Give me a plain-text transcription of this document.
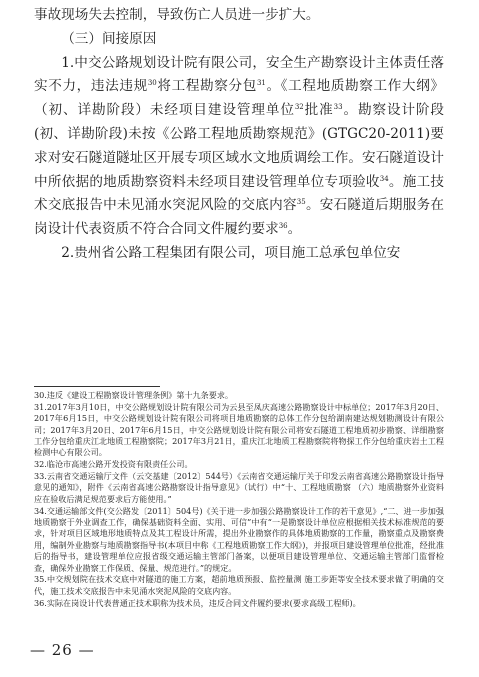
事故现场失去控制，导致伤亡人员进一步扩大。

（三）间接原因

1.中交公路规划设计院有限公司，安全生产勘察设计主体责任落实不力，违法违规$^{30}$将工程勘察分包$^{31}$。《工程地质勘察工作大纲》（初、详勘阶段）未经项目建设管理单位$^{32}$批准$^{33}$。勘察设计阶段(初、详勘阶段)未按《公路工程地质勘察规范》(GTGC20-2011)要求对安石隧道隧址区开展专项区域水文地质调绘工作。安石隧道设计中所依据的地质勘察资料未经项目建设管理单位专项验收$^{34}$。施工技术交底报告中未见涌水突泥风险的交底内容$^{35}$。安石隧道后期服务在岗设计代表资质不符合合同文件履约要求$^{36}$。

2.贵州省公路工程集团有限公司，项目施工总承包单位安

30.违反《建设工程勘察设计管理条例》第十九条要求。

31.2017年3月10日，中交公路规划设计院有限公司为云县至凤庆高速公路勘察设计中标单位；2017年3月20日、2017年6月15日，中交公路规划设计院有限公司将项目地质勘察的总体工作分包给湖南建达规划勘测设计有限公司；2017年3月20日、2017年6月15日，中交公路规划设计院有限公司将安石隧道工程地质初步勘察、详细勘察工作分包给重庆江北地质工程勘察院；2017年3月21日，重庆江北地质工程勘察院将物探工作分包给重庆岩土工程检测中心有限公司。

32.临沧市高速公路开发投资有限责任公司。

33.云南省交通运输厅文件（云交基建〔2012〕544号）《云南省交通运输厅关于印发云南省高速公路勘察设计指导意见的通知》，附件《云南省高速公路勘察设计指导意见》（试行）中“十、工程地质勘察 （六）地质勘察外业资料应在验收后满足规范要求后方能使用。”

34.交通运输部文件(交公路发〔2011〕504号)《关于进一步加强公路勘察设计工作的若干意见》,“二、进一步加强地质勘察于外业调查工作，确保基础资料全面、实用、可信”中有“一是勘察设计单位应根据相关技术标准规范的要求，针对项目区域地形地质特点及其工程设计所需，提出外业勘察作的具体地质勘察的工作量，勘察重点及勘察费用，编制外业勘察与地质勘察指导书(本项目中称《工程地质勘察工作大纲》)，并报项目建设管理单位批准，经批准后的指导书，建设管理单位应报省级交通运输主管部门备案，以便项目建设管理单位、交通运输主管部门监督检查，确保外业勘察工作保质、保量、规范进行。”的规定。

35.中交规划院在技术交底中对隧道的施工方案，超前地质预报、监控量测 施工步距等安全技术要求做了明确的交代，施工技术交底报告中未见涌水突泥风险的交底内容。

36.实际在岗设计代表普通正技术职称为技术员，违反合同文件履约要求(要求高级工程师)。

— 26 —
